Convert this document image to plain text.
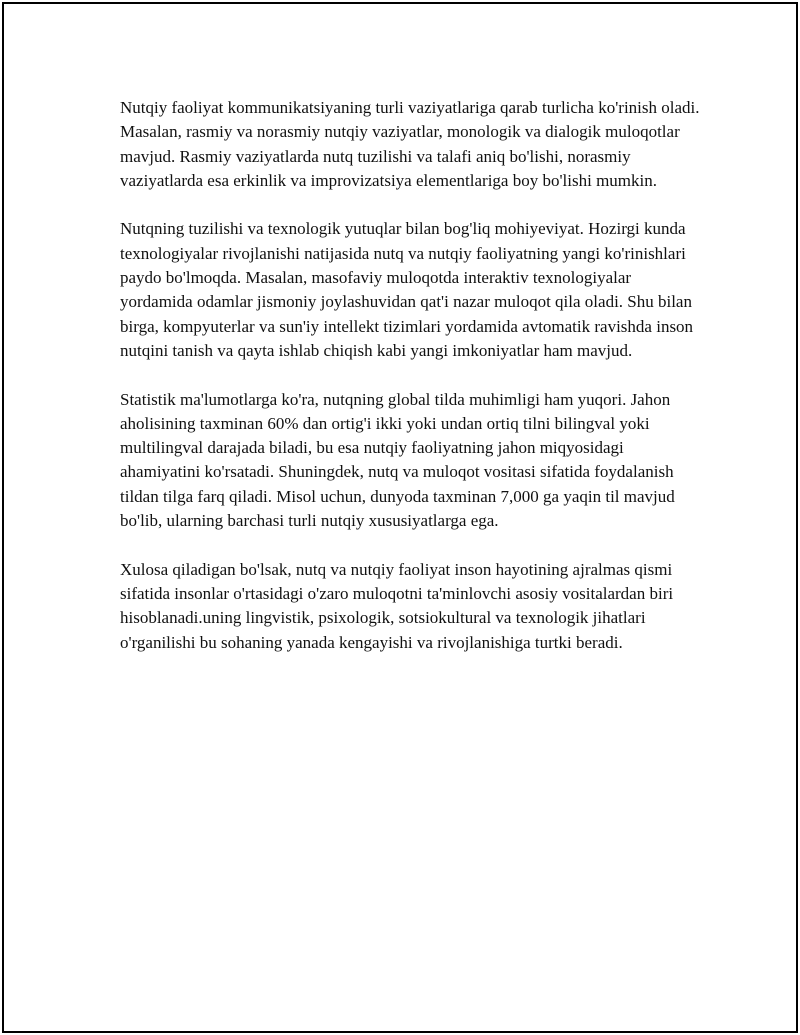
Nutqiy faoliyat kommunikatsiyaning turli vaziyatlariga qarab turlicha ko'rinish oladi. Masalan, rasmiy va norasmiy nutqiy vaziyatlar, monologik va dialogik muloqotlar mavjud. Rasmiy vaziyatlarda nutq tuzilishi va talafi aniq bo'lishi, norasmiy vaziyatlarda esa erkinlik va improvizatsiya elementlariga boy bo'lishi mumkin.

Nutqning tuzilishi va texnologik yutuqlar bilan bog'liq mohiyeviyat. Hozirgi kunda texnologiyalar rivojlanishi natijasida nutq va nutqiy faoliyatning yangi ko'rinishlari paydo bo'lmoqda. Masalan, masofaviy muloqotda interaktiv texnologiyalar yordamida odamlar jismoniy joylashuvidan qat'i nazar muloqot qila oladi. Shu bilan birga, kompyuterlar va sun'iy intellekt tizimlari yordamida avtomatik ravishda inson nutqini tanish va qayta ishlab chiqish kabi yangi imkoniyatlar ham mavjud.

Statistik ma'lumotlarga ko'ra, nutqning global tilda muhimligi ham yuqori. Jahon aholisining taxminan 60% dan ortig'i ikki yoki undan ortiq tilni bilingval yoki multilingval darajada biladi, bu esa nutqiy faoliyatning jahon miqyosidagi ahamiyatini ko'rsatadi. Shuningdek, nutq va muloqot vositasi sifatida foydalanish tildan tilga farq qiladi. Misol uchun, dunyoda taxminan 7,000 ga yaqin til mavjud bo'lib, ularning barchasi turli nutqiy xususiyatlarga ega.

Xulosa qiladigan bo'lsak, nutq va nutqiy faoliyat inson hayotining ajralmas qismi sifatida insonlar o'rtasidagi o'zaro muloqotni ta'minlovchi asosiy vositalardan biri hisoblanadi.uning lingvistik, psixologik, sotsiokultural va texnologik jihatlari o'rganilishi bu sohaning yanada kengayishi va rivojlanishiga turtki beradi.
